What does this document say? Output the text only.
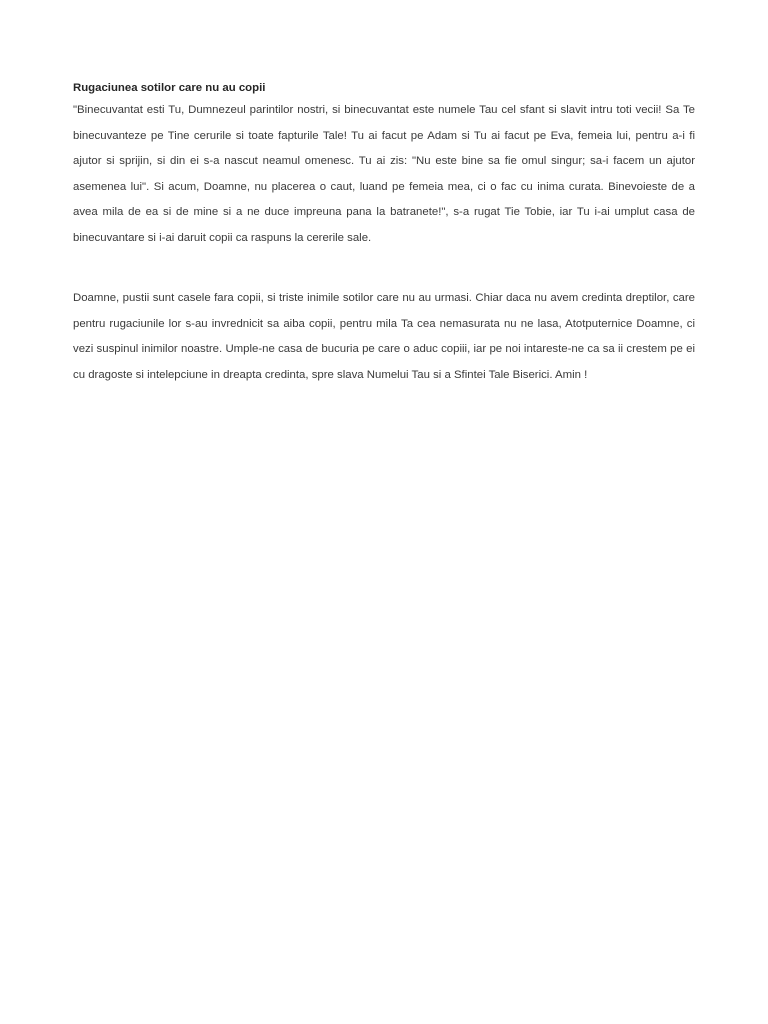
Rugaciunea sotilor care nu au copii

"Binecuvantat esti Tu, Dumnezeul parintilor nostri, si binecuvantat este numele Tau cel sfant si slavit intru toti vecii! Sa Te binecuvanteze pe Tine cerurile si toate fapturile Tale! Tu ai facut pe Adam si Tu ai facut pe Eva, femeia lui, pentru a-i fi ajutor si sprijin, si din ei s-a nascut neamul omenesc. Tu ai zis: "Nu este bine sa fie omul singur; sa-i facem un ajutor asemenea lui". Si acum, Doamne, nu placerea o caut, luand pe femeia mea, ci o fac cu inima curata. Binevoieste de a avea mila de ea si de mine si a ne duce impreuna pana la batranete!", s-a rugat Tie Tobie, iar Tu i-ai umplut casa de binecuvantare si i-ai daruit copii ca raspuns la cererile sale.

Doamne, pustii sunt casele fara copii, si triste inimile sotilor care nu au urmasi. Chiar daca nu avem credinta dreptilor, care pentru rugaciunile lor s-au invrednicit sa aiba copii, pentru mila Ta cea nemasurata nu ne lasa, Atotputernice Doamne, ci vezi suspinul inimilor noastre. Umple-ne casa de bucuria pe care o aduc copiii, iar pe noi intareste-ne ca sa ii crestem pe ei cu dragoste si intelepciune in dreapta credinta, spre slava Numelui Tau si a Sfintei Tale Biserici. Amin !
